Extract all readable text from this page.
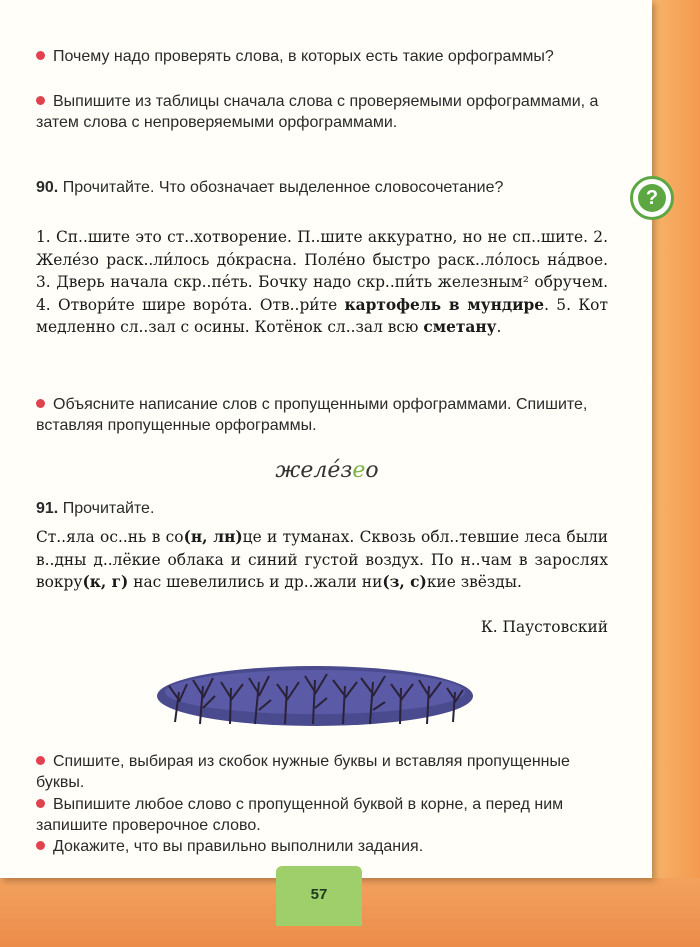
?
Почему надо проверять слова, в которых есть такие орфограммы?
Выпишите из таблицы сначала слова с проверяемыми орфограммами, а затем слова с непроверяемыми орфограммами.
90. Прочитайте. Что обозначает выделенное словосочетание?
1. Сп..шите это ст..хотворение. П..шите аккуратно, но не сп..шите. 2. Желе́зо раск..ли́лось до́красна. Поле́но быстро раск..ло́лось на́двое. 3. Дверь начала скр..пе́ть. Бочку надо скр..пи́ть железным² обручем. 4. Отвори́те шире воро́та. Отв..ри́те картофель в мундире. 5. Кот медленно сл..зал с осины. Котёнок сл..зал всю сметану.
Объясните написание слов с пропущенными орфограммами. Спишите, вставляя пропущенные орфограммы.
желе́зео
91. Прочитайте.
Ст..яла ос..нь в со(н, лн)це и туманах. Сквозь обл..тевшие леса были в..дны д..лёкие облака и синий густой воздух. По н..чам в зарослях вокру(к, г) нас шевелились и др..жали ни(з, с)кие звёзды.
К. Паустовский
Спишите, выбирая из скобок нужные буквы и вставляя пропущенные буквы.
Выпишите любое слово с пропущенной буквой в корне, а перед ним запишите проверочное слово.
Докажите, что вы правильно выполнили задания.
57
